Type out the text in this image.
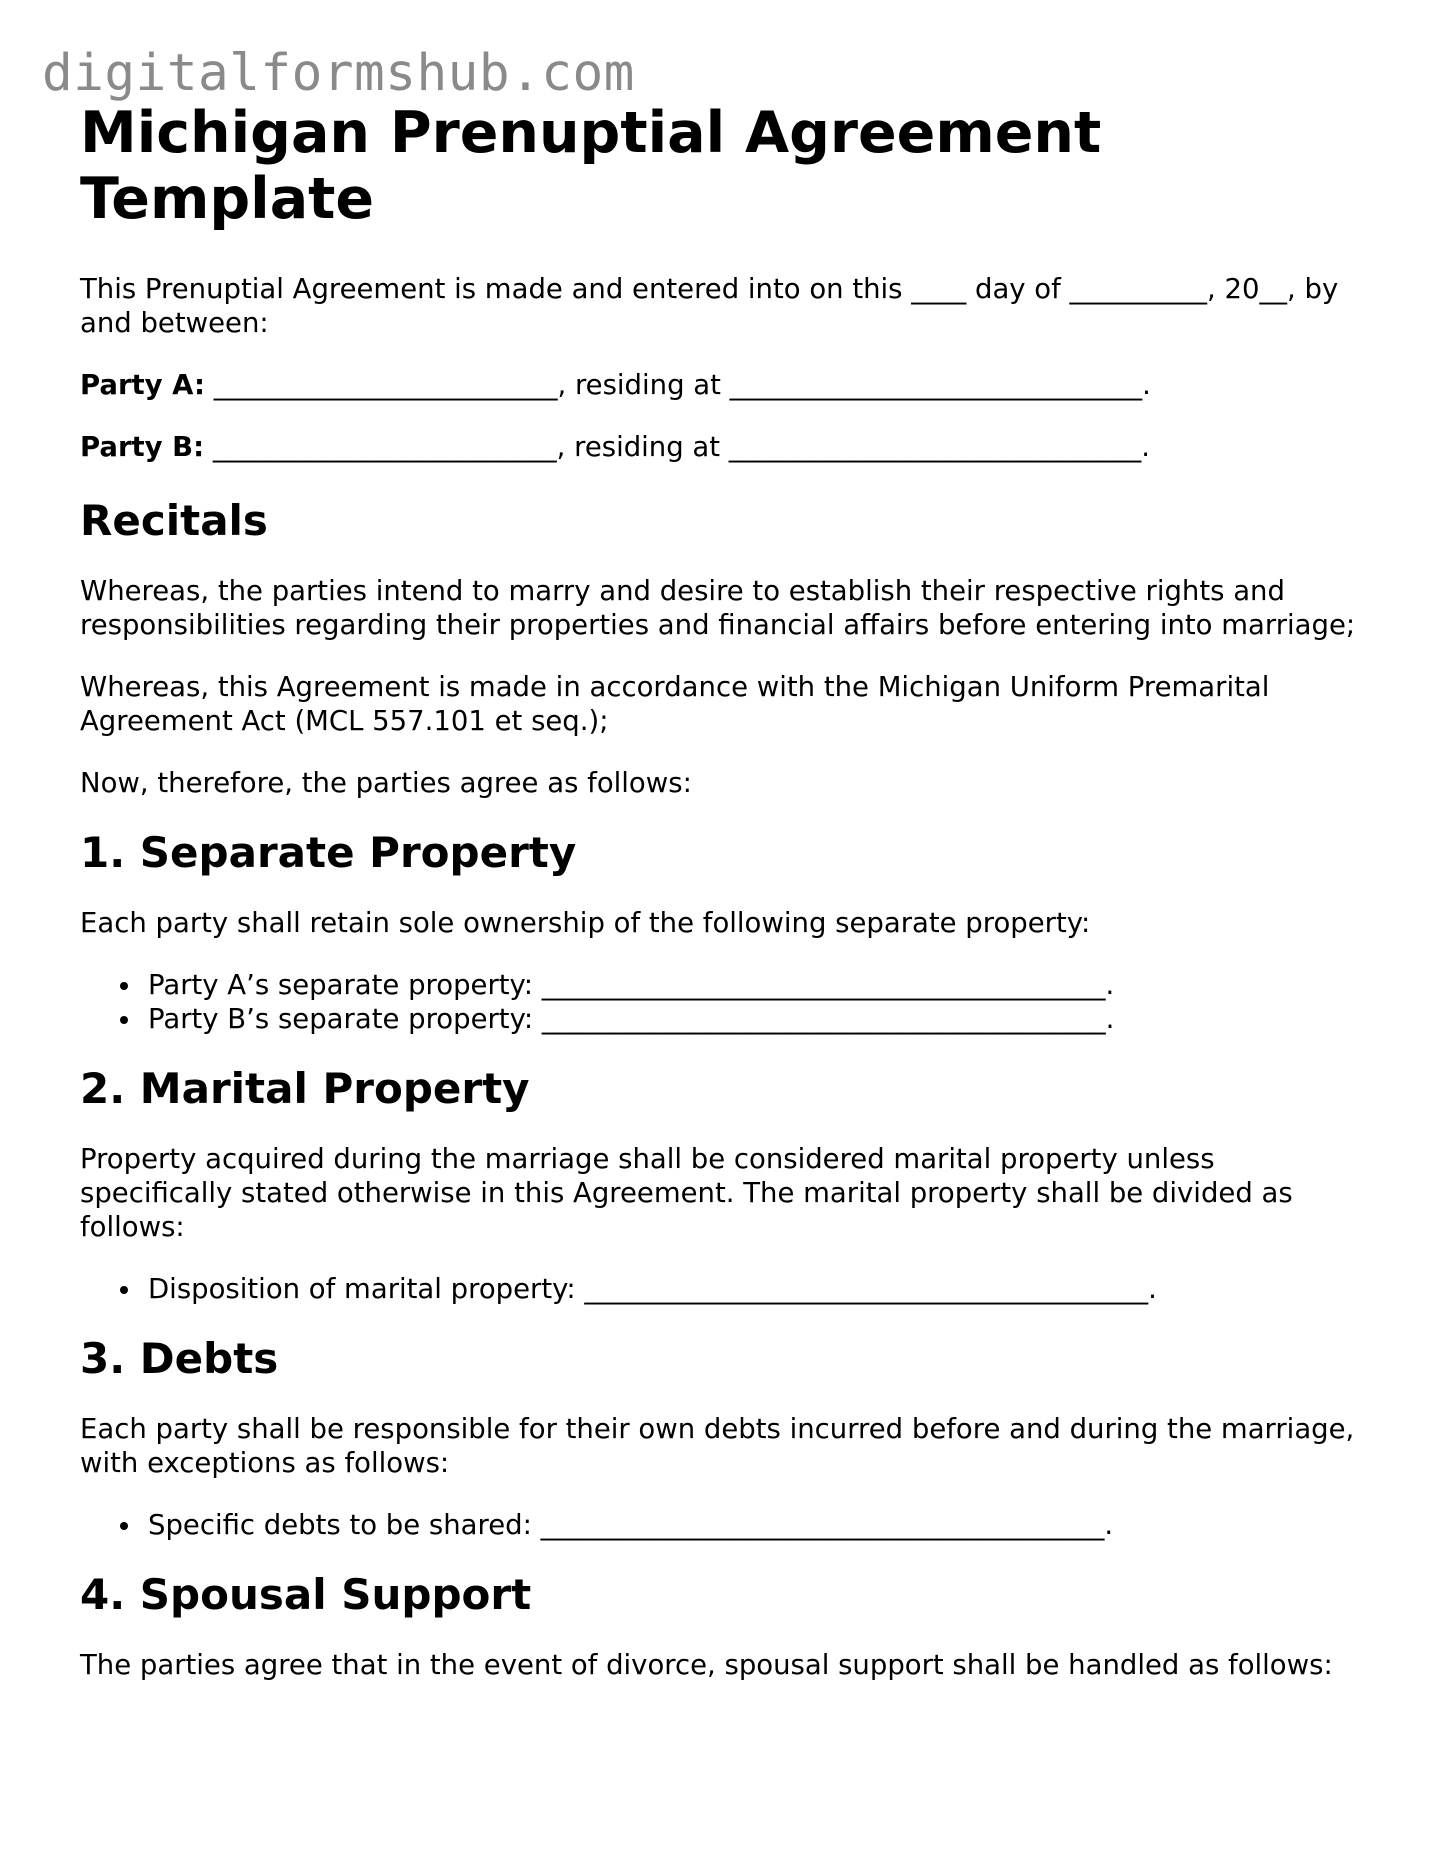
digitalformshub.com
Michigan Prenuptial Agreement Template

This Prenuptial Agreement is made and entered into on this ____ day of __________, 20__, by and between:

Party A: _________________________, residing at ______________________________.
Party B: _________________________, residing at ______________________________.
Recitals

Whereas, the parties intend to marry and desire to establish their respective rights and responsibilities regarding their properties and financial affairs before entering into marriage;

Whereas, this Agreement is made in accordance with the Michigan Uniform Premarital Agreement Act (MCL 557.101 et seq.);

Now, therefore, the parties agree as follows:

1. Separate Property

Each party shall retain sole ownership of the following separate property:

Party A’s separate property: _________________________________________.
Party B’s separate property: _________________________________________.
2. Marital Property

Property acquired during the marriage shall be considered marital property unless specifically stated otherwise in this Agreement. The marital property shall be divided as follows:

Disposition of marital property: _________________________________________.
3. Debts

Each party shall be responsible for their own debts incurred before and during the marriage, with exceptions as follows:

Specific debts to be shared: _________________________________________.
4. Spousal Support

The parties agree that in the event of divorce, spousal support shall be handled as follows:
